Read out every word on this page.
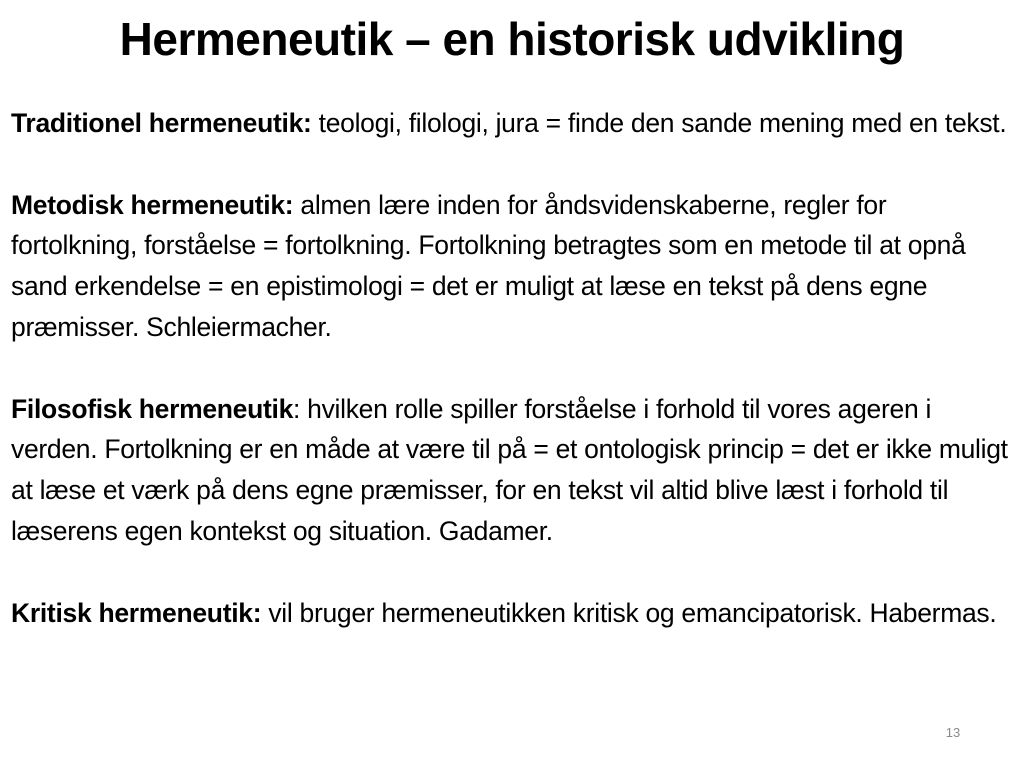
Hermeneutik – en historisk udvikling

Traditionel hermeneutik: teologi, filologi, jura = finde den sande mening med en tekst.

Metodisk hermeneutik: almen lære inden for åndsvidenskaberne, regler for fortolkning, forståelse = fortolkning. Fortolkning betragtes som en metode til at opnå sand erkendelse = en epistimologi = det er muligt at læse en tekst på dens egne præmisser. Schleiermacher.

Filosofisk hermeneutik: hvilken rolle spiller forståelse i forhold til vores ageren i verden. Fortolkning er en måde at være til på = et ontologisk princip = det er ikke muligt at læse et værk på dens egne præmisser, for en tekst vil altid blive læst i forhold til læserens egen kontekst og situation. Gadamer.

Kritisk hermeneutik: vil bruger hermeneutikken kritisk og emancipatorisk. Habermas.

13
